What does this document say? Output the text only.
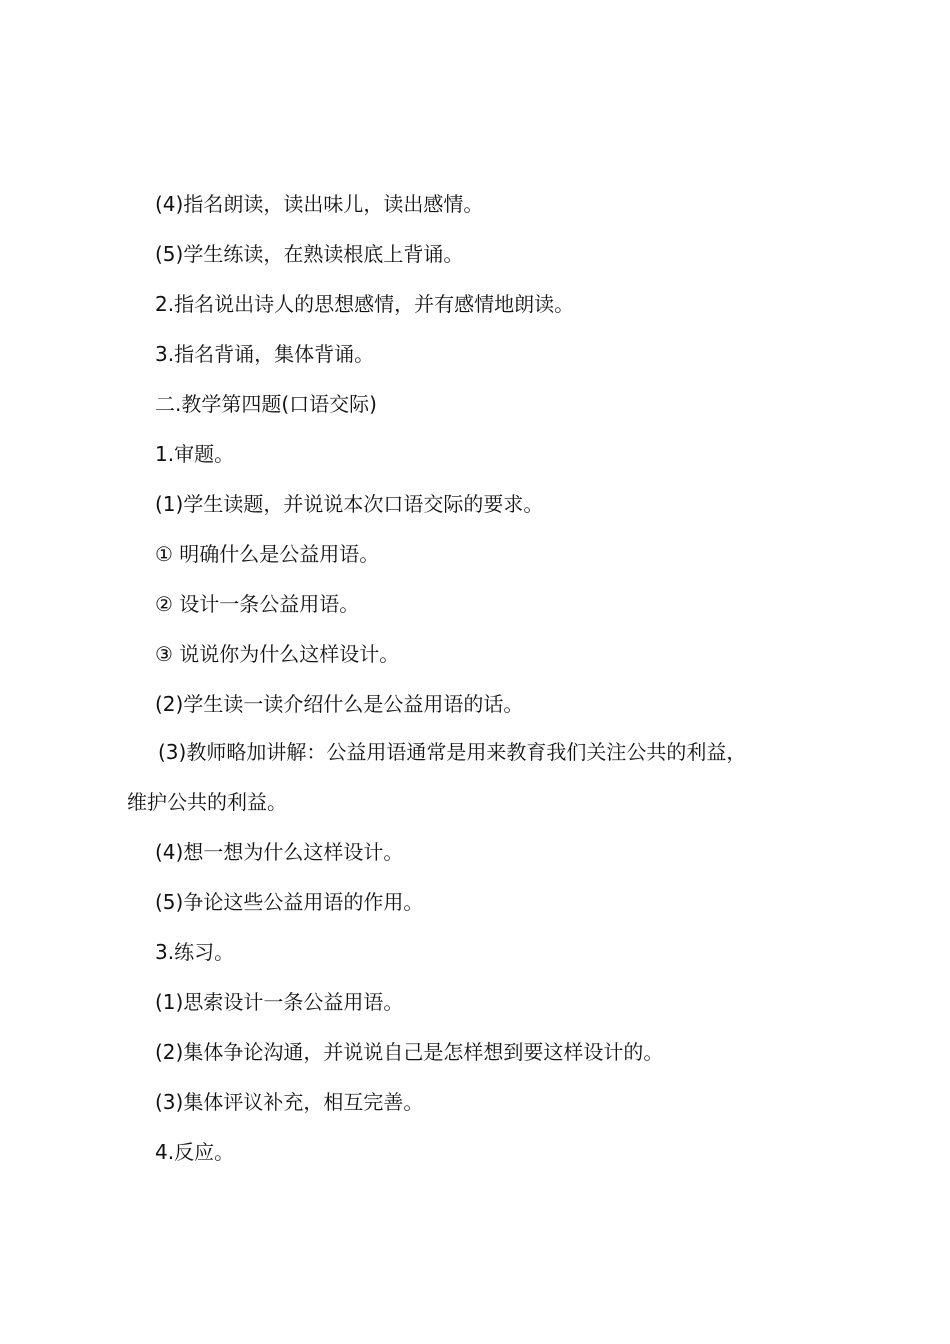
(4)指名朗读，读出味儿，读出感情。
(5)学生练读，在熟读根底上背诵。
2.指名说出诗人的思想感情，并有感情地朗读。
3.指名背诵，集体背诵。
二.教学第四题(口语交际)
1.审题。
(1)学生读题，并说说本次口语交际的要求。
① 明确什么是公益用语。
② 设计一条公益用语。
③ 说说你为什么这样设计。
(2)学生读一读介绍什么是公益用语的话。
(3)教师略加讲解：公益用语通常是用来教育我们关注公共的利益，
维护公共的利益。
(4)想一想为什么这样设计。
(5)争论这些公益用语的作用。
3.练习。
(1)思索设计一条公益用语。
(2)集体争论沟通，并说说自己是怎样想到要这样设计的。
(3)集体评议补充，相互完善。
4.反应。
